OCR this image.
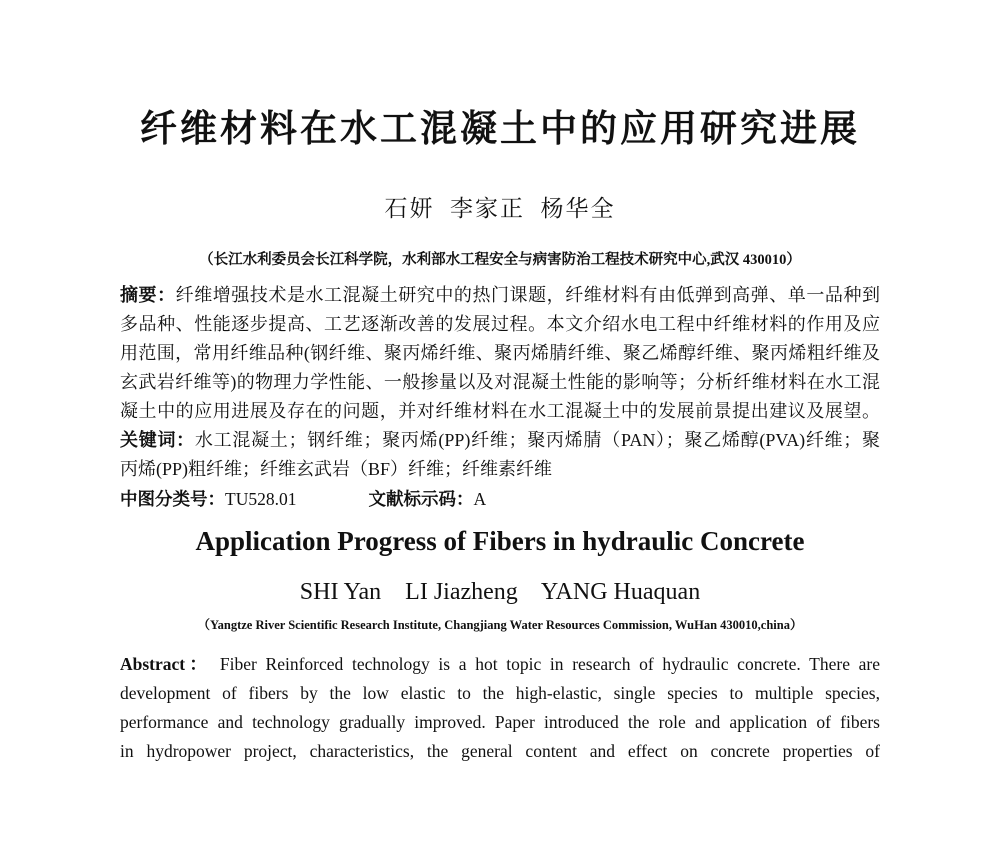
纤维材料在水工混凝土中的应用研究进展
石妍  李家正  杨华全
（长江水利委员会长江科学院，水利部水工程安全与病害防治工程技术研究中心,武汉 430010）
摘要：纤维增强技术是水工混凝土研究中的热门课题，纤维材料有由低弹到高弹、单一品种到
多品种、性能逐步提高、工艺逐渐改善的发展过程。本文介绍水电工程中纤维材料的作用及应
用范围，常用纤维品种(钢纤维、聚丙烯纤维、聚丙烯腈纤维、聚乙烯醇纤维、聚丙烯粗纤维及
玄武岩纤维等)的物理力学性能、一般掺量以及对混凝土性能的影响等；分析纤维材料在水工混
凝土中的应用进展及存在的问题，并对纤维材料在水工混凝土中的发展前景提出建议及展望。
关键词：水工混凝土；钢纤维；聚丙烯(PP)纤维；聚丙烯腈（PAN）；聚乙烯醇(PVA)纤维；聚
丙烯(PP)粗纤维；纤维玄武岩（BF）纤维；纤维素纤维
中图分类号：TU528.01	文献标示码：A
Application Progress of Fibers in hydraulic Concrete
SHI Yan    LI Jiazheng    YANG Huaquan
（Yangtze River Scientific Research Institute, Changjiang Water Resources Commission, WuHan 430010,china）
Abstract： Fiber Reinforced technology is a hot topic in research of hydraulic concrete. There are
development of fibers by the low elastic to the high-elastic, single species to multiple species,
performance and technology gradually improved. Paper introduced the role and application of fibers
in hydropower project, characteristics, the general content and effect on concrete properties of
